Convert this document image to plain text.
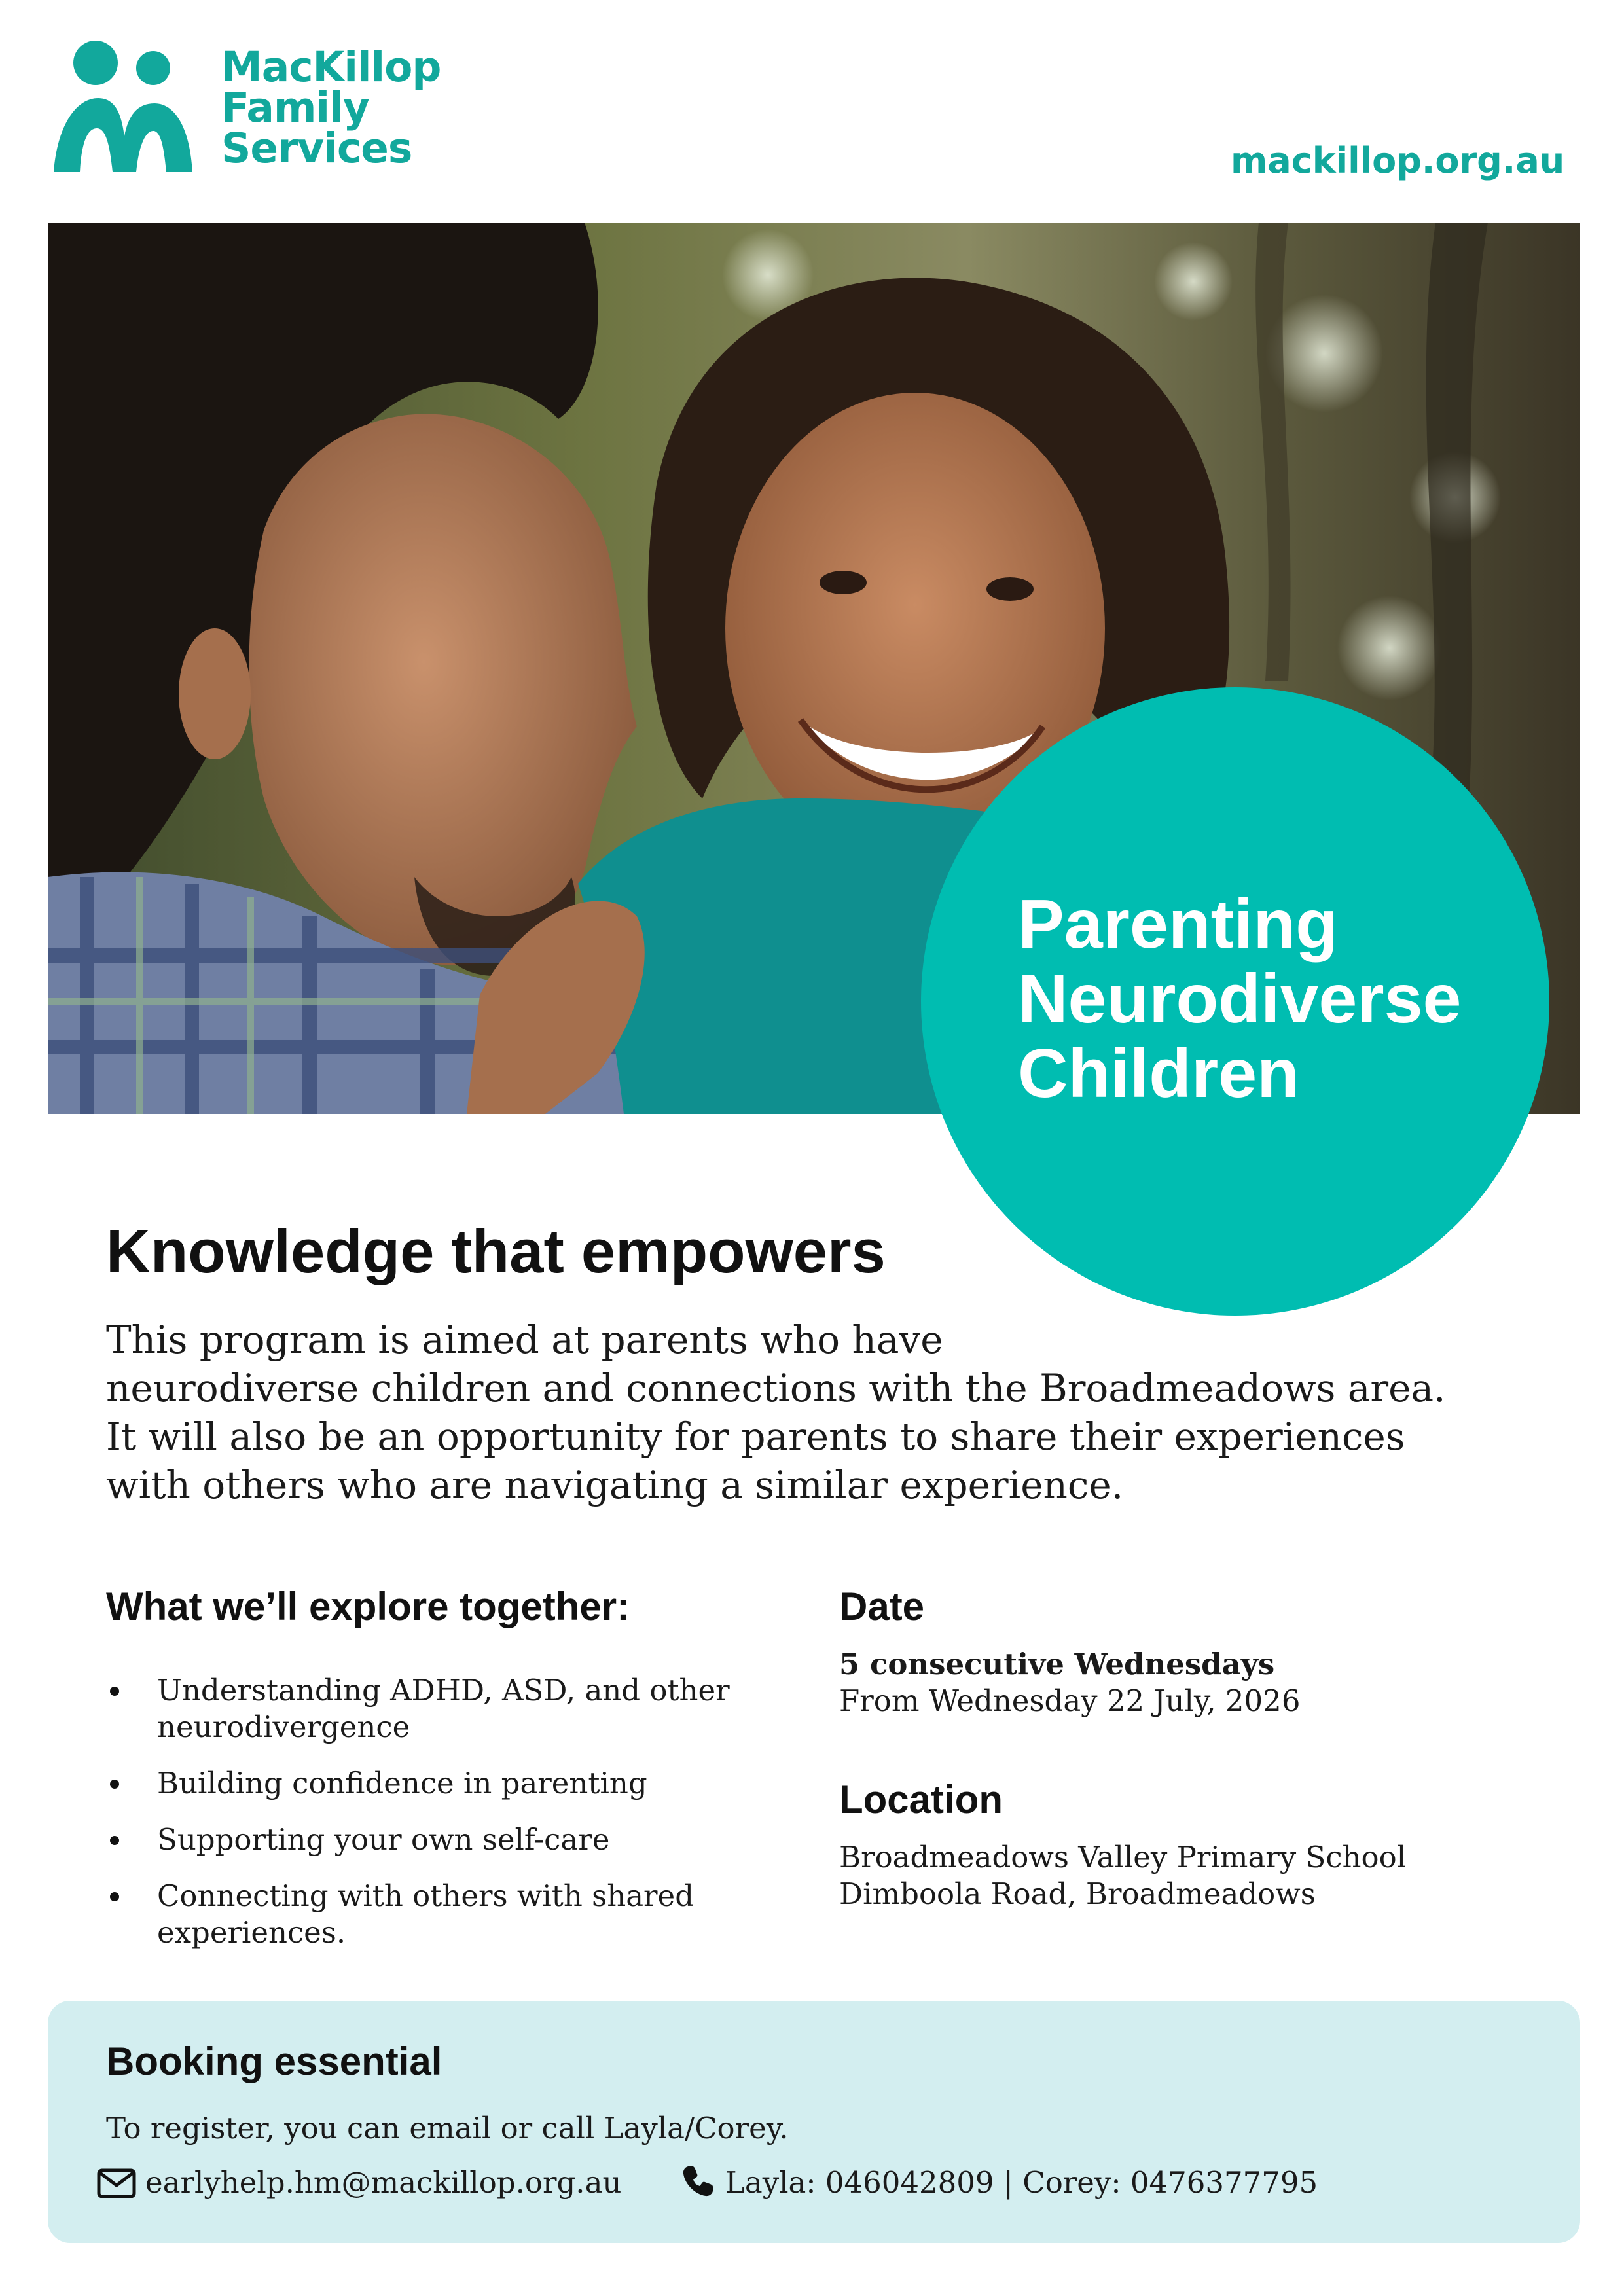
MacKillop
Family
Services	mackillop.org.au
Parenting
Neurodiverse
Children
Knowledge that empowers
This program is aimed at parents who have
neurodiverse children and connections with the Broadmeadows area.
It will also be an opportunity for parents to share their experiences
with others who are navigating a similar experience.
What we’ll explore together:
Understanding ADHD, ASD, and other neurodivergence
Building confidence in parenting
Supporting your own self-care
Connecting with others with shared experiences.
Date
5 consecutive Wednesdays
From Wednesday 22 July, 2026
Location
Broadmeadows Valley Primary School
Dimboola Road, Broadmeadows
Booking essential
To register, you can email or call Layla/Corey.
earlyhelp.hm@mackillop.org.au	Layla: 046042809 | Corey: 0476377795
